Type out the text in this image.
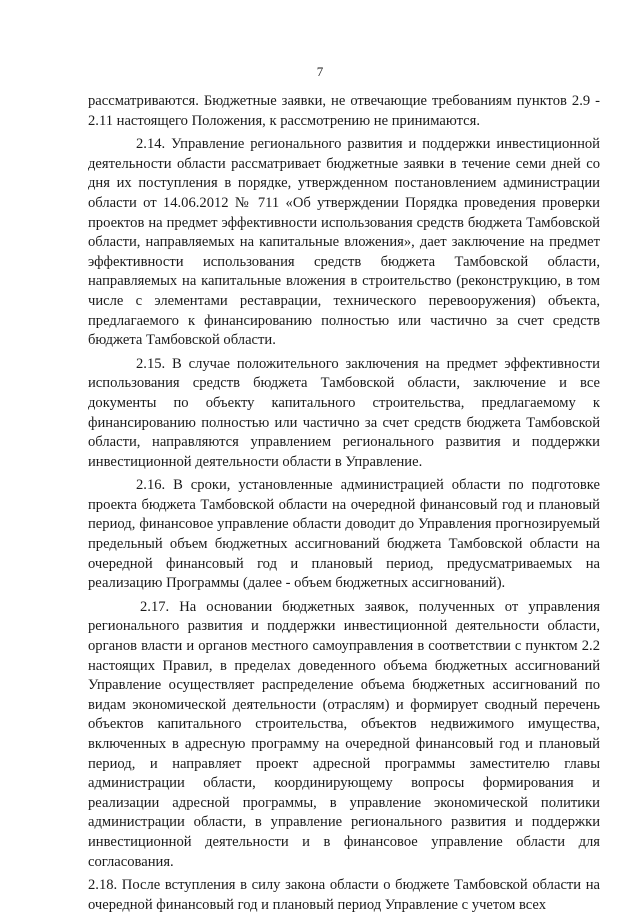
7

рассматриваются. Бюджетные заявки, не отвечающие требованиям пунктов 2.9 - 2.11 настоящего Положения, к рассмотрению не принимаются.

2.14. Управление регионального развития и поддержки инвестиционной деятельности области рассматривает бюджетные заявки в течение семи дней со дня их поступления в порядке, утвержденном постановлением администрации области от 14.06.2012 № 711 «Об утверждении Порядка проведения проверки проектов на предмет эффективности использования средств бюджета Тамбовской области, направляемых на капитальные вложения», дает заключение на предмет эффективности использования средств бюджета Тамбовской области, направляемых на капитальные вложения в строительство (реконструкцию, в том числе с элементами реставрации, технического перевооружения) объекта, предлагаемого к финансированию полностью или частично за счет средств бюджета Тамбовской области.

2.15. В случае положительного заключения на предмет эффективности использования средств бюджета Тамбовской области, заключение и все документы по объекту капитального строительства, предлагаемому к финансированию полностью или частично за счет средств бюджета Тамбовской области, направляются управлением регионального развития и поддержки инвестиционной деятельности области в Управление.

2.16. В сроки, установленные администрацией области по подготовке проекта бюджета Тамбовской области на очередной финансовый год и плановый период, финансовое управление области доводит до Управления прогнозируемый предельный объем бюджетных ассигнований бюджета Тамбовской области на очередной финансовый год и плановый период, предусматриваемых на реализацию Программы (далее - объем бюджетных ассигнований).

2.17. На основании бюджетных заявок, полученных от управления регионального развития и поддержки инвестиционной деятельности области, органов власти и органов местного самоуправления в соответствии с пунктом 2.2 настоящих Правил, в пределах доведенного объема бюджетных ассигнований Управление осуществляет распределение объема бюджетных ассигнований по видам экономической деятельности (отраслям) и формирует сводный перечень объектов капитального строительства, объектов недвижимого имущества, включенных в адресную программу на очередной финансовый год и плановый период, и направляет проект адресной программы заместителю главы администрации области, координирующему вопросы формирования и реализации адресной программы, в управление экономической политики администрации области, в управление регионального развития и поддержки инвестиционной деятельности и в финансовое управление области для согласования.

2.18. После вступления в силу закона области о бюджете Тамбовской области на очередной финансовый год и плановый период Управление с учетом всех
